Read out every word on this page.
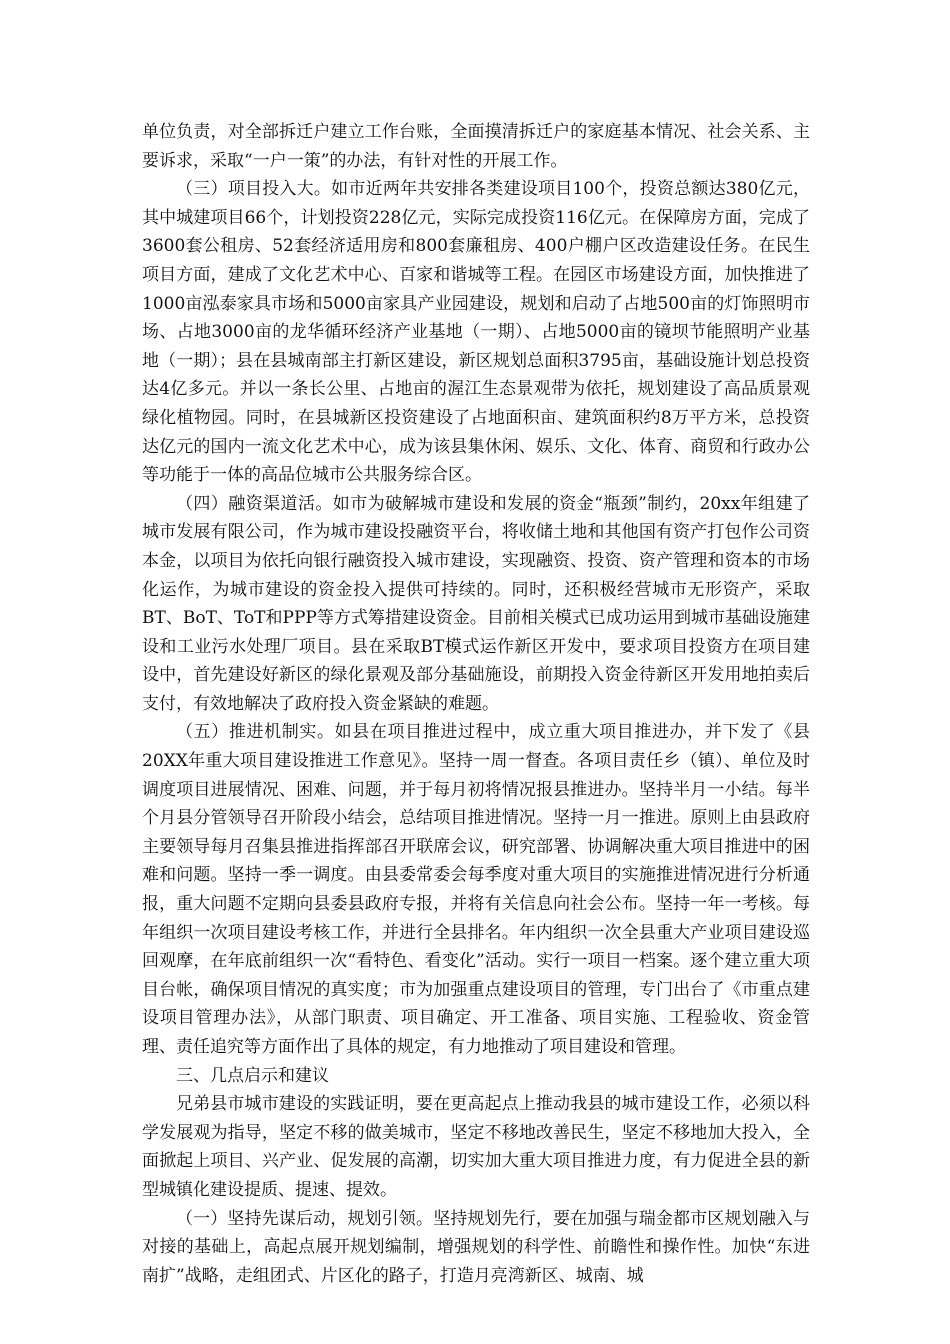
单位负责，对全部拆迁户建立工作台账，全面摸清拆迁户的家庭基本情况、社会关系、主要诉求，采取“一户一策”的办法，有针对性的开展工作。

（三）项目投入大。如市近两年共安排各类建设项目100个，投资总额达380亿元，其中城建项目66个，计划投资228亿元，实际完成投资116亿元。在保障房方面，完成了3600套公租房、52套经济适用房和800套廉租房、400户棚户区改造建设任务。在民生项目方面，建成了文化艺术中心、百家和谐城等工程。在园区市场建设方面，加快推进了1000亩泓泰家具市场和5000亩家具产业园建设，规划和启动了占地500亩的灯饰照明市场、占地3000亩的龙华循环经济产业基地（一期）、占地5000亩的镜坝节能照明产业基地（一期）；县在县城南部主打新区建设，新区规划总面积3795亩，基础设施计划总投资达4亿多元。并以一条长公里、占地亩的渥江生态景观带为依托，规划建设了高品质景观绿化植物园。同时，在县城新区投资建设了占地面积亩、建筑面积约8万平方米，总投资达亿元的国内一流文化艺术中心，成为该县集休闲、娱乐、文化、体育、商贸和行政办公等功能于一体的高品位城市公共服务综合区。

（四）融资渠道活。如市为破解城市建设和发展的资金“瓶颈”制约，20xx年组建了城市发展有限公司，作为城市建设投融资平台，将收储土地和其他国有资产打包作公司资本金，以项目为依托向银行融资投入城市建设，实现融资、投资、资产管理和资本的市场化运作，为城市建设的资金投入提供可持续的。同时，还积极经营城市无形资产，采取BT、BoT、ToT和PPP等方式筹措建设资金。目前相关模式已成功运用到城市基础设施建设和工业污水处理厂项目。县在采取BT模式运作新区开发中，要求项目投资方在项目建设中，首先建设好新区的绿化景观及部分基础施设，前期投入资金待新区开发用地拍卖后支付，有效地解决了政府投入资金紧缺的难题。

（五）推进机制实。如县在项目推进过程中，成立重大项目推进办，并下发了《县20XX年重大项目建设推进工作意见》。坚持一周一督查。各项目责任乡（镇）、单位及时调度项目进展情况、困难、问题，并于每月初将情况报县推进办。坚持半月一小结。每半个月县分管领导召开阶段小结会，总结项目推进情况。坚持一月一推进。原则上由县政府主要领导每月召集县推进指挥部召开联席会议，研究部署、协调解决重大项目推进中的困难和问题。坚持一季一调度。由县委常委会每季度对重大项目的实施推进情况进行分析通报，重大问题不定期向县委县政府专报，并将有关信息向社会公布。坚持一年一考核。每年组织一次项目建设考核工作，并进行全县排名。年内组织一次全县重大产业项目建设巡回观摩，在年底前组织一次“看特色、看变化”活动。实行一项目一档案。逐个建立重大项目台帐，确保项目情况的真实度；市为加强重点建设项目的管理，专门出台了《市重点建设项目管理办法》，从部门职责、项目确定、开工准备、项目实施、工程验收、资金管理、责任追究等方面作出了具体的规定，有力地推动了项目建设和管理。

三、几点启示和建议

兄弟县市城市建设的实践证明，要在更高起点上推动我县的城市建设工作，必须以科学发展观为指导，坚定不移的做美城市，坚定不移地改善民生，坚定不移地加大投入，全面掀起上项目、兴产业、促发展的高潮，切实加大重大项目推进力度，有力促进全县的新型城镇化建设提质、提速、提效。

（一）坚持先谋后动，规划引领。坚持规划先行，要在加强与瑞金都市区规划融入与对接的基础上，高起点展开规划编制，增强规划的科学性、前瞻性和操作性。加快“东进南扩”战略，走组团式、片区化的路子，打造月亮湾新区、城南、城
